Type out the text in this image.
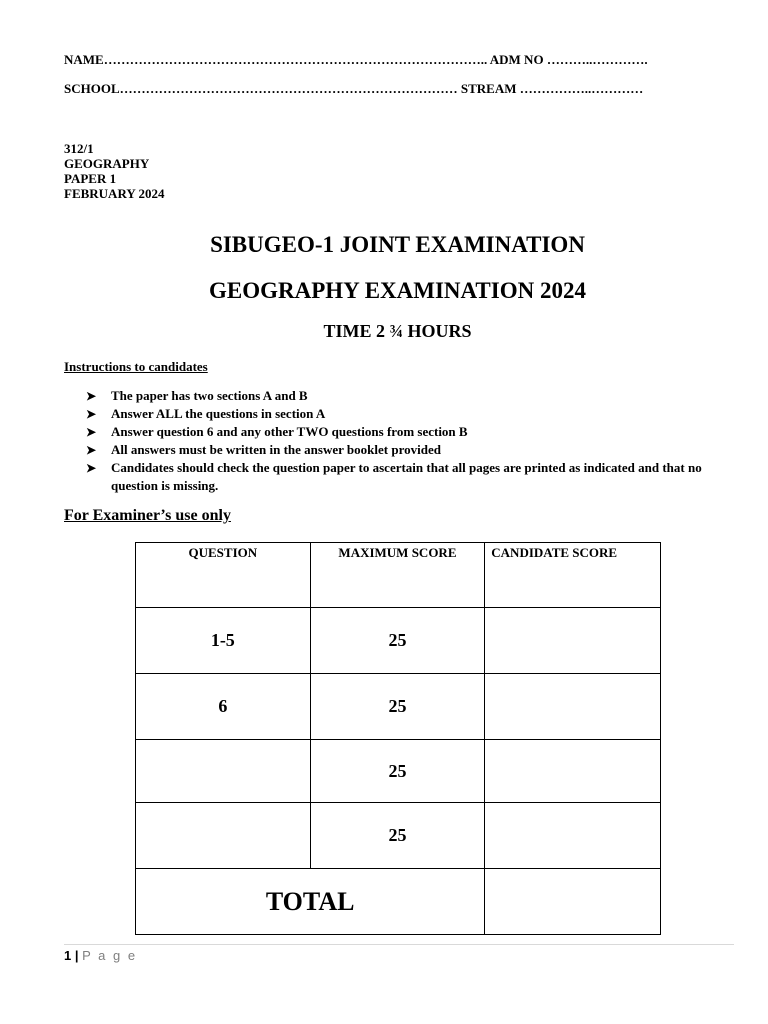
NAME…………………………………………………………………………….. ADM NO ………..………….
SCHOOL…………………………………………………………………… STREAM ……………..…………
312/1
GEOGRAPHY
PAPER 1
FEBRUARY 2024
SIBUGEO-1 JOINT EXAMINATION
GEOGRAPHY EXAMINATION 2024
TIME 2 ¾ HOURS
Instructions to candidates
➤ The paper has two sections A and B
➤ Answer ALL the questions in section A
➤ Answer question 6 and any other TWO questions from section B
➤ All answers must be written in the answer booklet provided
➤ Candidates should check the question paper to ascertain that all pages are printed as indicated and that no question is missing.
For Examiner’s use only
QUESTION	MAXIMUM SCORE	CANDIDATE SCORE
1-5	25	
6	25	
	25	
	25	
TOTAL		
1 | P a g e
